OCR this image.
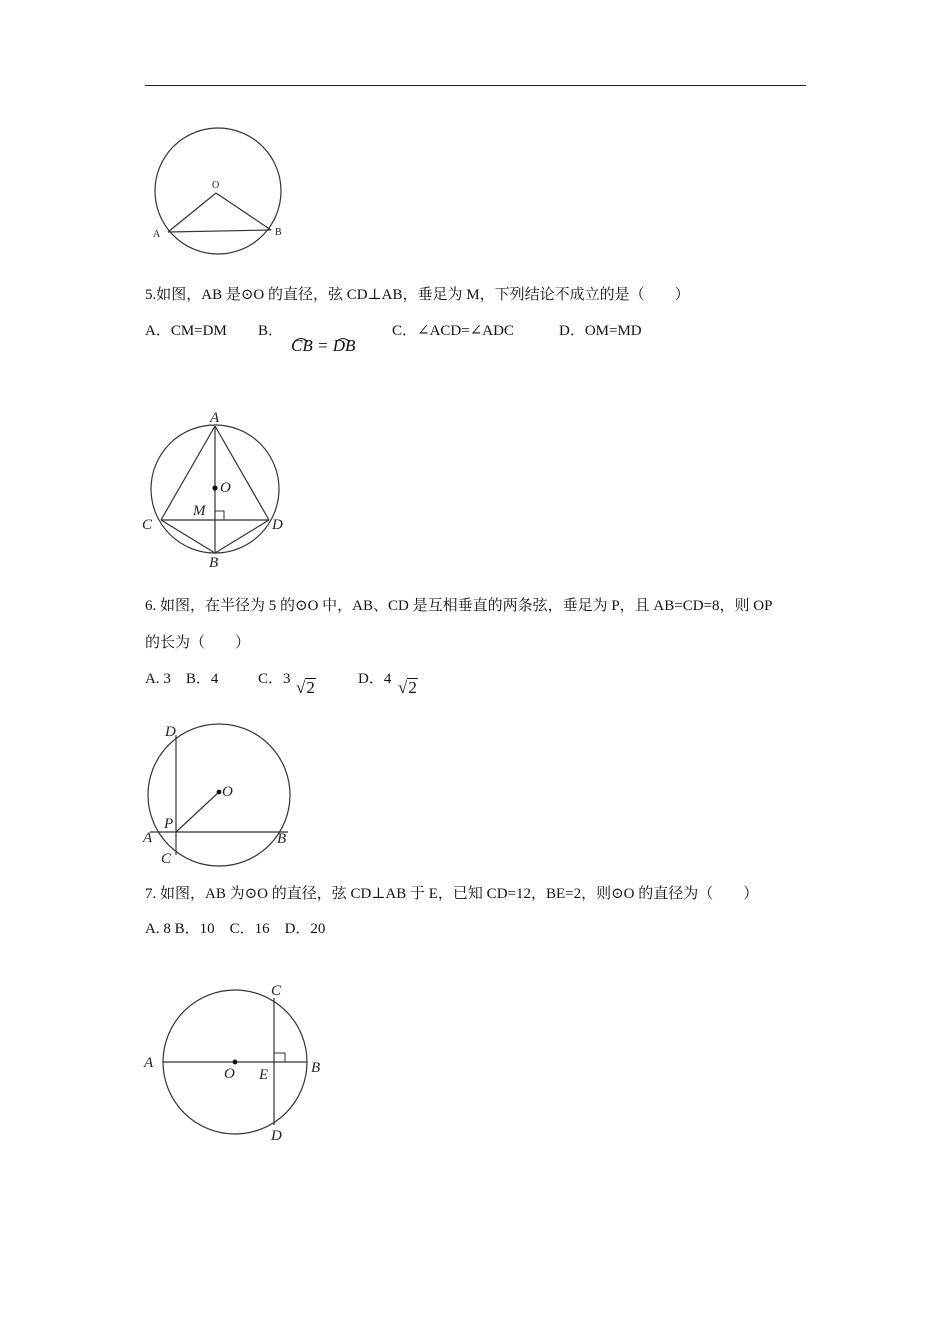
O
A	B
5.如图，AB 是⊙O 的直径，弦 CD⊥AB，垂足为 M，下列结论不成立的是（　　）
A．CM=DM B．
CB = DB
C．∠ACD=∠ADC	D．OM=MD
A
O
M
C	D
B
6. 如图，在半径为 5 的⊙O 中，AB、CD 是互相垂直的两条弦，垂足为 P，且 AB=CD=8，则 OP
的长为（　　）
A. 3　B．4	C．3 √2	D．4 √2
D
O
P
A	B
C
7. 如图，AB 为⊙O 的直径，弦 CD⊥AB 于 E，已知 CD=12，BE=2，则⊙O 的直径为（　　）
A. 8 B．10　C．16　D．20
C
A
O E	B
D
